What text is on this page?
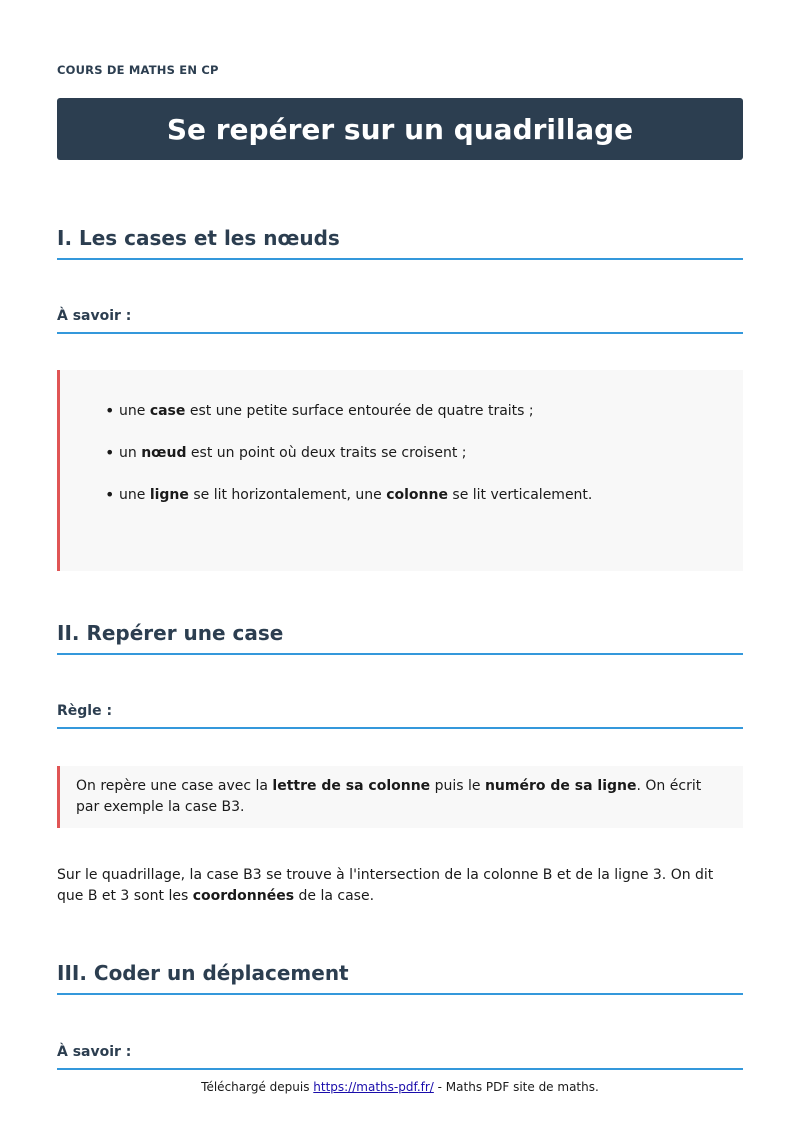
COURS DE MATHS EN CP
Se repérer sur un quadrillage
I. Les cases et les nœuds
À savoir :
• une case est une petite surface entourée de quatre traits ;
• un nœud est un point où deux traits se croisent ;
• une ligne se lit horizontalement, une colonne se lit verticalement.
II. Repérer une case
Règle :
On repère une case avec la lettre de sa colonne puis le numéro de sa ligne. On écrit par exemple la case B3.
Sur le quadrillage, la case B3 se trouve à l'intersection de la colonne B et de la ligne 3. On dit que B et 3 sont les coordonnées de la case.
III. Coder un déplacement
À savoir :
Téléchargé depuis https://maths-pdf.fr/ - Maths PDF site de maths.
